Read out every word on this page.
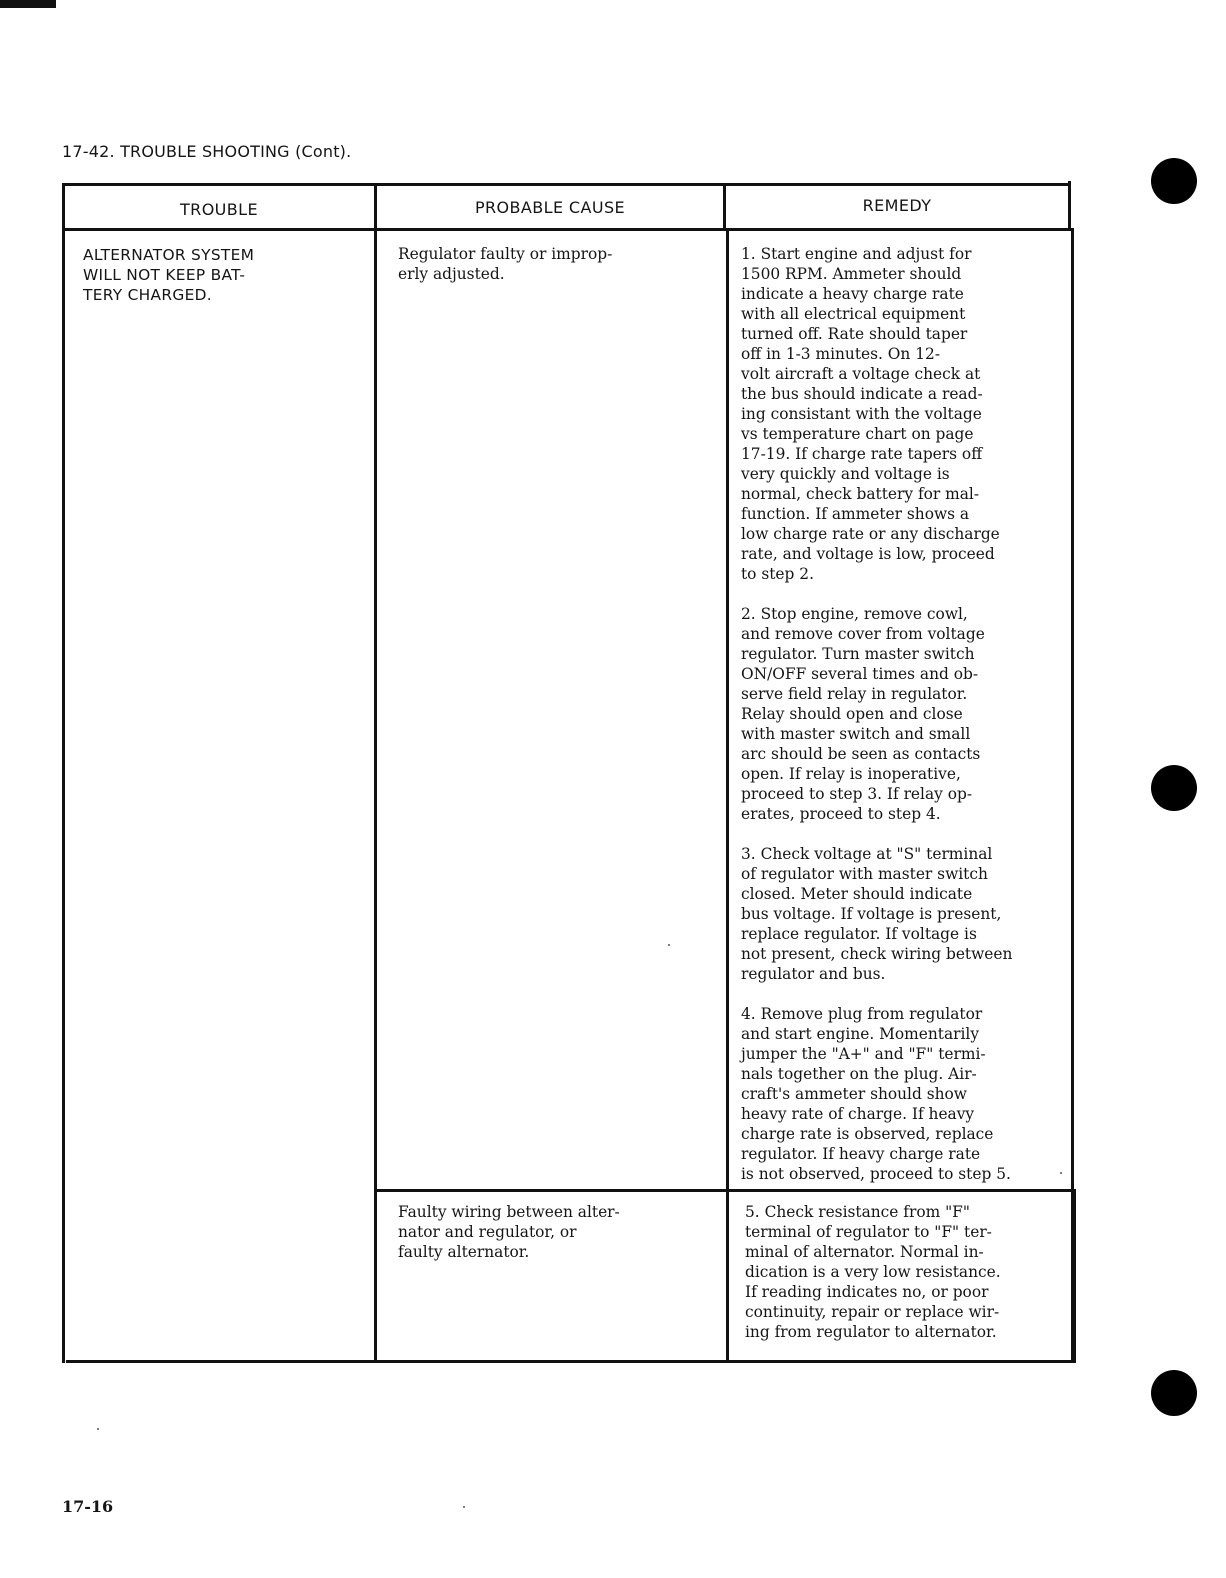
17-42. TROUBLE SHOOTING (Cont).
TROUBLE	PROBABLE CAUSE	REMEDY
ALTERNATOR SYSTEM
WILL NOT KEEP BAT-
TERY CHARGED.
Regulator faulty or improp-
erly adjusted.

1. Start engine and adjust for
1500 RPM. Ammeter should
indicate a heavy charge rate
with all electrical equipment
turned off. Rate should taper
off in 1-3 minutes. On 12-
volt aircraft a voltage check at
the bus should indicate a read-
ing consistant with the voltage
vs temperature chart on page
17-19. If charge rate tapers off
very quickly and voltage is
normal, check battery for mal-
function. If ammeter shows a
low charge rate or any discharge
rate, and voltage is low, proceed
to step 2.

2. Stop engine, remove cowl,
and remove cover from voltage
regulator. Turn master switch
ON/OFF several times and ob-
serve field relay in regulator.
Relay should open and close
with master switch and small
arc should be seen as contacts
open. If relay is inoperative,
proceed to step 3. If relay op-
erates, proceed to step 4.

3. Check voltage at "S" terminal
of regulator with master switch
closed. Meter should indicate
bus voltage. If voltage is present,
replace regulator. If voltage is
not present, check wiring between
regulator and bus.

4. Remove plug from regulator
and start engine. Momentarily
jumper the "A+" and "F" termi-
nals together on the plug. Air-
craft's ammeter should show
heavy rate of charge. If heavy
charge rate is observed, replace
regulator. If heavy charge rate
is not observed, proceed to step 5.

Faulty wiring between alter-
nator and regulator, or
faulty alternator.

5. Check resistance from "F"
terminal of regulator to "F" ter-
minal of alternator. Normal in-
dication is a very low resistance.
If reading indicates no, or poor
continuity, repair or replace wir-
ing from regulator to alternator.

17-16
